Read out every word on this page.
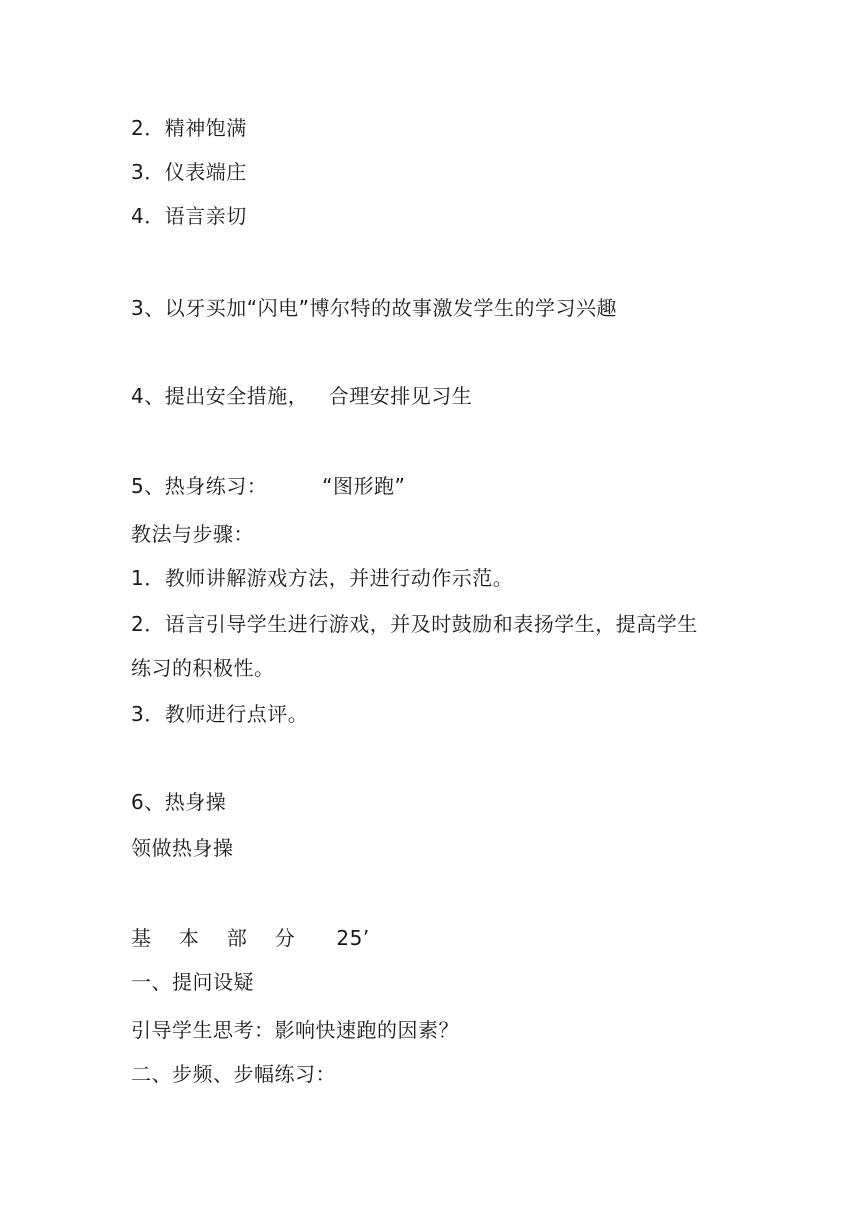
2．精神饱满
3．仪表端庄
4．语言亲切
3、以牙买加“闪电”博尔特的故事激发学生的学习兴趣
4、提出安全措施，   合理安排见习生
5、热身练习：        “图形跑”
教法与步骤：
1．教师讲解游戏方法，并进行动作示范。
2．语言引导学生进行游戏，并及时鼓励和表扬学生，提高学生
练习的积极性。
3．教师进行点评。
6、热身操
领做热身操
基    本    部    分      25’
一、提问设疑
引导学生思考：影响快速跑的因素？
二、步频、步幅练习：
